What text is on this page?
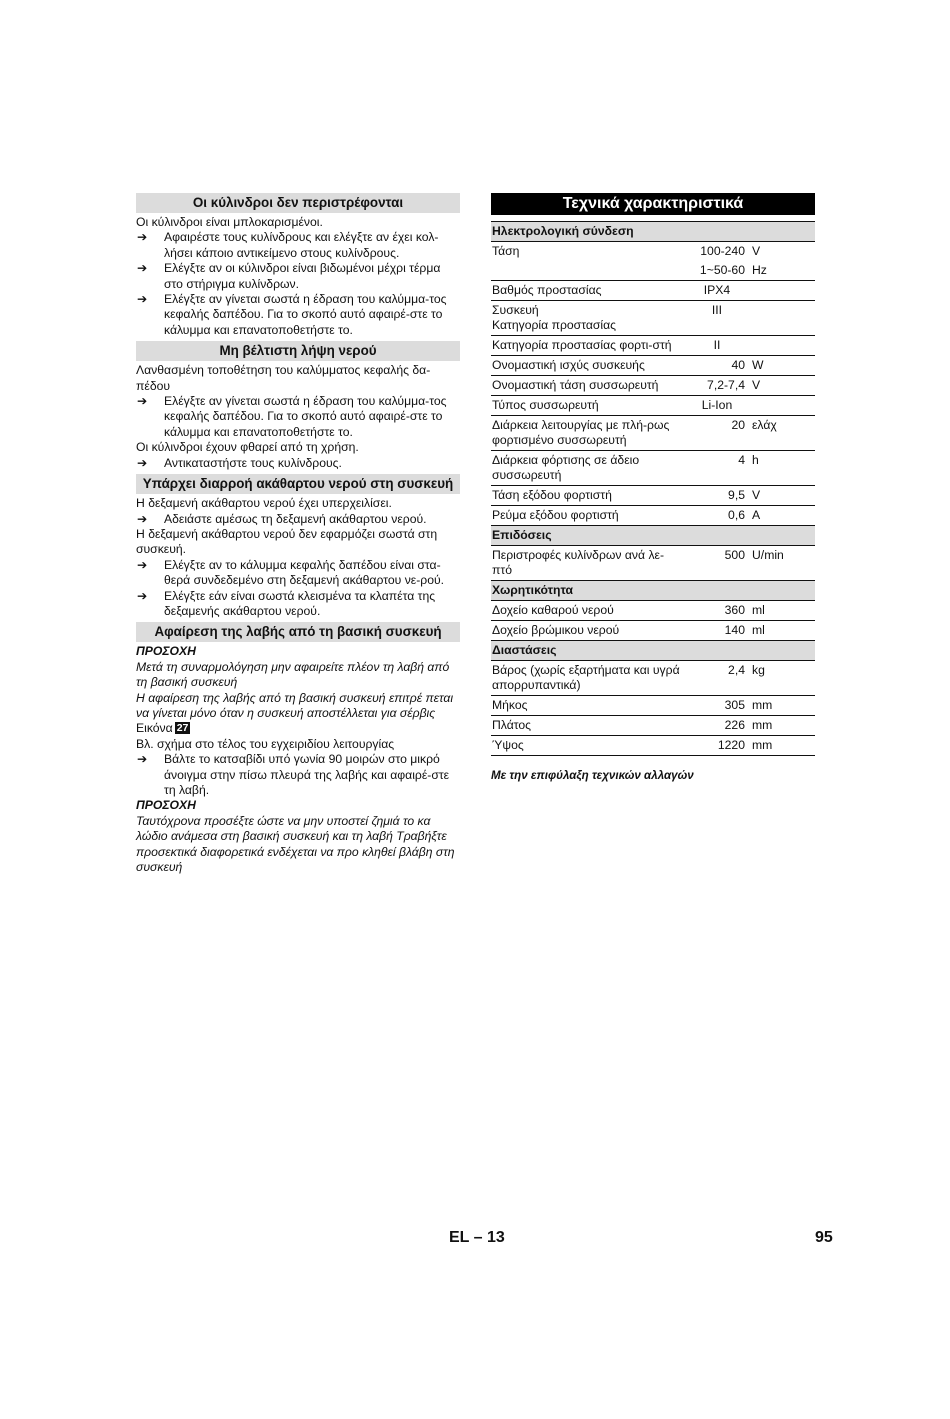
Οι κύλινδροι δεν περιστρέφονται

Οι κύλινδροι είναι μπλοκαρισμένοι.

➔	Αφαιρέστε τους κυλίνδρους και ελέγξτε αν έχει κολ-λήσει κάποιο αντικείμενο στους κυλίνδρους.
➔	Ελέγξτε αν οι κύλινδροι είναι βιδωμένοι μέχρι τέρμα στο στήριγμα κυλίνδρων.
➔	Ελέγξτε αν γίνεται σωστά η έδραση του καλύμμα-τος κεφαλής δαπέδου. Για το σκοπό αυτό αφαιρέ-στε το κάλυμμα και επανατοποθετήστε το.
Μη βέλτιστη λήψη νερού

Λανθασμένη τοποθέτηση του καλύμματος κεφαλής δα-πέδου

➔	Ελέγξτε αν γίνεται σωστά η έδραση του καλύμμα-τος κεφαλής δαπέδου. Για το σκοπό αυτό αφαιρέ-στε το κάλυμμα και επανατοποθετήστε το.

Οι κύλινδροι έχουν φθαρεί από τη χρήση.

➔	Αντικαταστήστε τους κυλίνδρους.
Υπάρχει διαρροή ακάθαρτου νερού στη συσκευή

Η δεξαμενή ακάθαρτου νερού έχει υπερχειλίσει.

➔	Αδειάστε αμέσως τη δεξαμενή ακάθαρτου νερού.

Η δεξαμενή ακάθαρτου νερού δεν εφαρμόζει σωστά στη συσκευή.

➔	Ελέγξτε αν το κάλυμμα κεφαλής δαπέδου είναι στα-θερά συνδεδεμένο στη δεξαμενή ακάθαρτου νε-ρού.
➔	Ελέγξτε εάν είναι σωστά κλεισμένα τα κλαπέτα της δεξαμενής ακάθαρτου νερού.
Αφαίρεση της λαβής από τη βασική συσκευή

ΠΡΟΣΟΧΗ

Μετά τη συναρμολόγηση μην αφαιρείτε πλέον τη λαβή από τη βασική συσκευή

Η αφαίρεση της λαβής από τη βασική συσκευή επιτρέ πεται να γίνεται μόνο όταν η συσκευή αποστέλλεται για σέρβις

Εικόνα 27

Βλ. σχήμα στο τέλος του εγχειριδίου λειτουργίας

➔	Βάλτε το κατσαβίδι υπό γωνία 90 μοιρών στο μικρό άνοιγμα στην πίσω πλευρά της λαβής και αφαιρέ-στε τη λαβή.

ΠΡΟΣΟΧΗ

Ταυτόχρονα προσέξτε ώστε να μην υποστεί ζημιά το κα λώδιο ανάμεσα στη βασική συσκευή και τη λαβή Τραβήξτε προσεκτικά διαφορετικά ενδέχεται να προ κληθεί βλάβη στη συσκευή

Τεχνικά χαρακτηριστικά
Ηλεκτρολογική σύνδεση		
Τάση	100-240	V
	1~50-60	Hz
Βαθμός προστασίας	IPX4	
Συσκευή
Κατηγορία προστασίας	III	
Κατηγορία προστασίας φορτι-στή	II	
Ονομαστική ισχύς συσκευής	40	W
Ονομαστική τάση συσσωρευτή	7,2-7,4	V
Τύπος συσσωρευτή	Li-Ion	
Διάρκεια λειτουργίας με πλή-ρως φορτισμένο συσσωρευτή	20	ελάχ
Διάρκεια φόρτισης σε άδειο συσσωρευτή	4	h
Τάση εξόδου φορτιστή	9,5	V
Ρεύμα εξόδου φορτιστή	0,6	A
Επιδόσεις		
Περιστροφές κυλίνδρων ανά λε-πτό	500	U/min
Χωρητικότητα		
Δοχείο καθαρού νερού	360	ml
Δοχείο βρώμικου νερού	140	ml
Διαστάσεις		
Βάρος (χωρίς εξαρτήματα και υγρά απορρυπαντικά)	2,4	kg
Μήκος	305	mm
Πλάτος	226	mm
Ύψος	1220	mm

Με την επιφύλαξη τεχνικών αλλαγών

EL – 13	95
